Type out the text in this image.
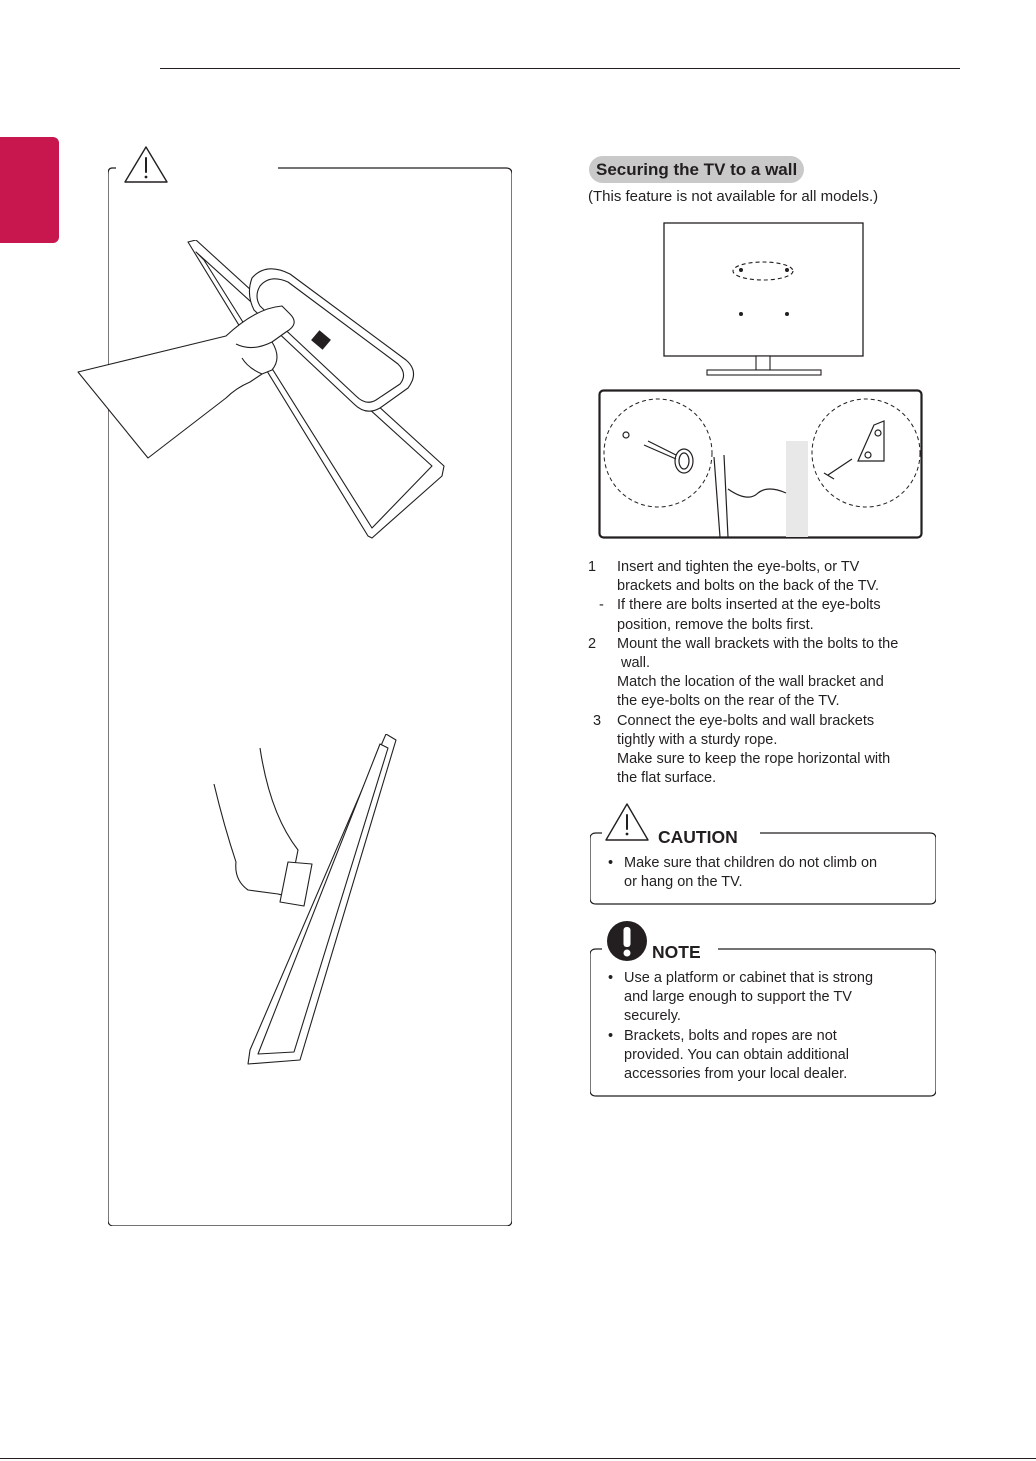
Securing the TV to a wall
(This feature is not available for all models.)
1 Insert and tighten the eye-bolts, or TV
brackets and bolts on the back of the TV.
- If there are bolts inserted at the eye-bolts
position, remove the bolts first.
2 Mount the wall brackets with the bolts to the
wall.
Match the location of the wall bracket and
the eye-bolts on the rear of the TV.
3 Connect the eye-bolts and wall brackets
tightly with a sturdy rope.
Make sure to keep the rope horizontal with
the flat surface.
CAUTION
• Make sure that children do not climb on
or hang on the TV.
NOTE
• Use a platform or cabinet that is strong
and large enough to support the TV
securely.
• Brackets, bolts and ropes are not
provided. You can obtain additional
accessories from your local dealer.
